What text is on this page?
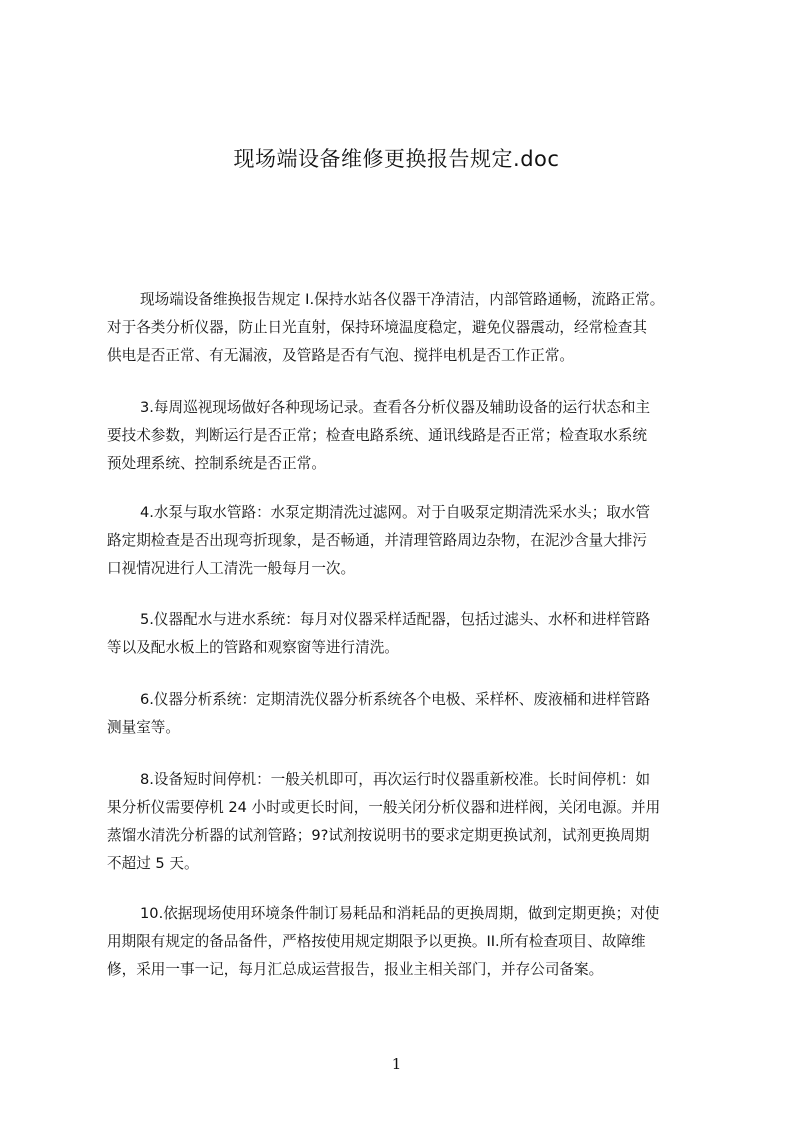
现场端设备维修更换报告规定.doc
现场端设备维换报告规定 I.保持水站各仪器干净清洁，内部管路通畅，流路正常。
对于各类分析仪器，防止日光直射，保持环境温度稳定，避免仪器震动，经常检查其
供电是否正常、有无漏液，及管路是否有气泡、搅拌电机是否工作正常。
3.每周巡视现场做好各种现场记录。查看各分析仪器及辅助设备的运行状态和主
要技术参数，判断运行是否正常；检查电路系统、通讯线路是否正常；检查取水系统
预处理系统、控制系统是否正常。
4.水泵与取水管路：水泵定期清洗过滤网。对于自吸泵定期清洗采水头；取水管
路定期检查是否出现弯折现象，是否畅通，并清理管路周边杂物，在泥沙含量大排污
口视情况进行人工清洗一般每月一次。
5.仪器配水与进水系统：每月对仪器采样适配器，包括过滤头、水杯和进样管路
等以及配水板上的管路和观察窗等进行清洗。
6.仪器分析系统：定期清洗仪器分析系统各个电极、采样杯、废液桶和进样管路
测量室等。
8.设备短时间停机：一般关机即可，再次运行时仪器重新校准。长时间停机：如
果分析仪需要停机 24 小时或更长时间，一般关闭分析仪器和进样阀，关闭电源。并用
蒸馏水清洗分析器的试剂管路；9?试剂按说明书的要求定期更换试剂，试剂更换周期
不超过 5 天。
10.依据现场使用环境条件制订易耗品和消耗品的更换周期，做到定期更换；对使
用期限有规定的备品备件，严格按使用规定期限予以更换。II.所有检查项目、故障维
修，采用一事一记，每月汇总成运营报告，报业主相关部门，并存公司备案。
1
